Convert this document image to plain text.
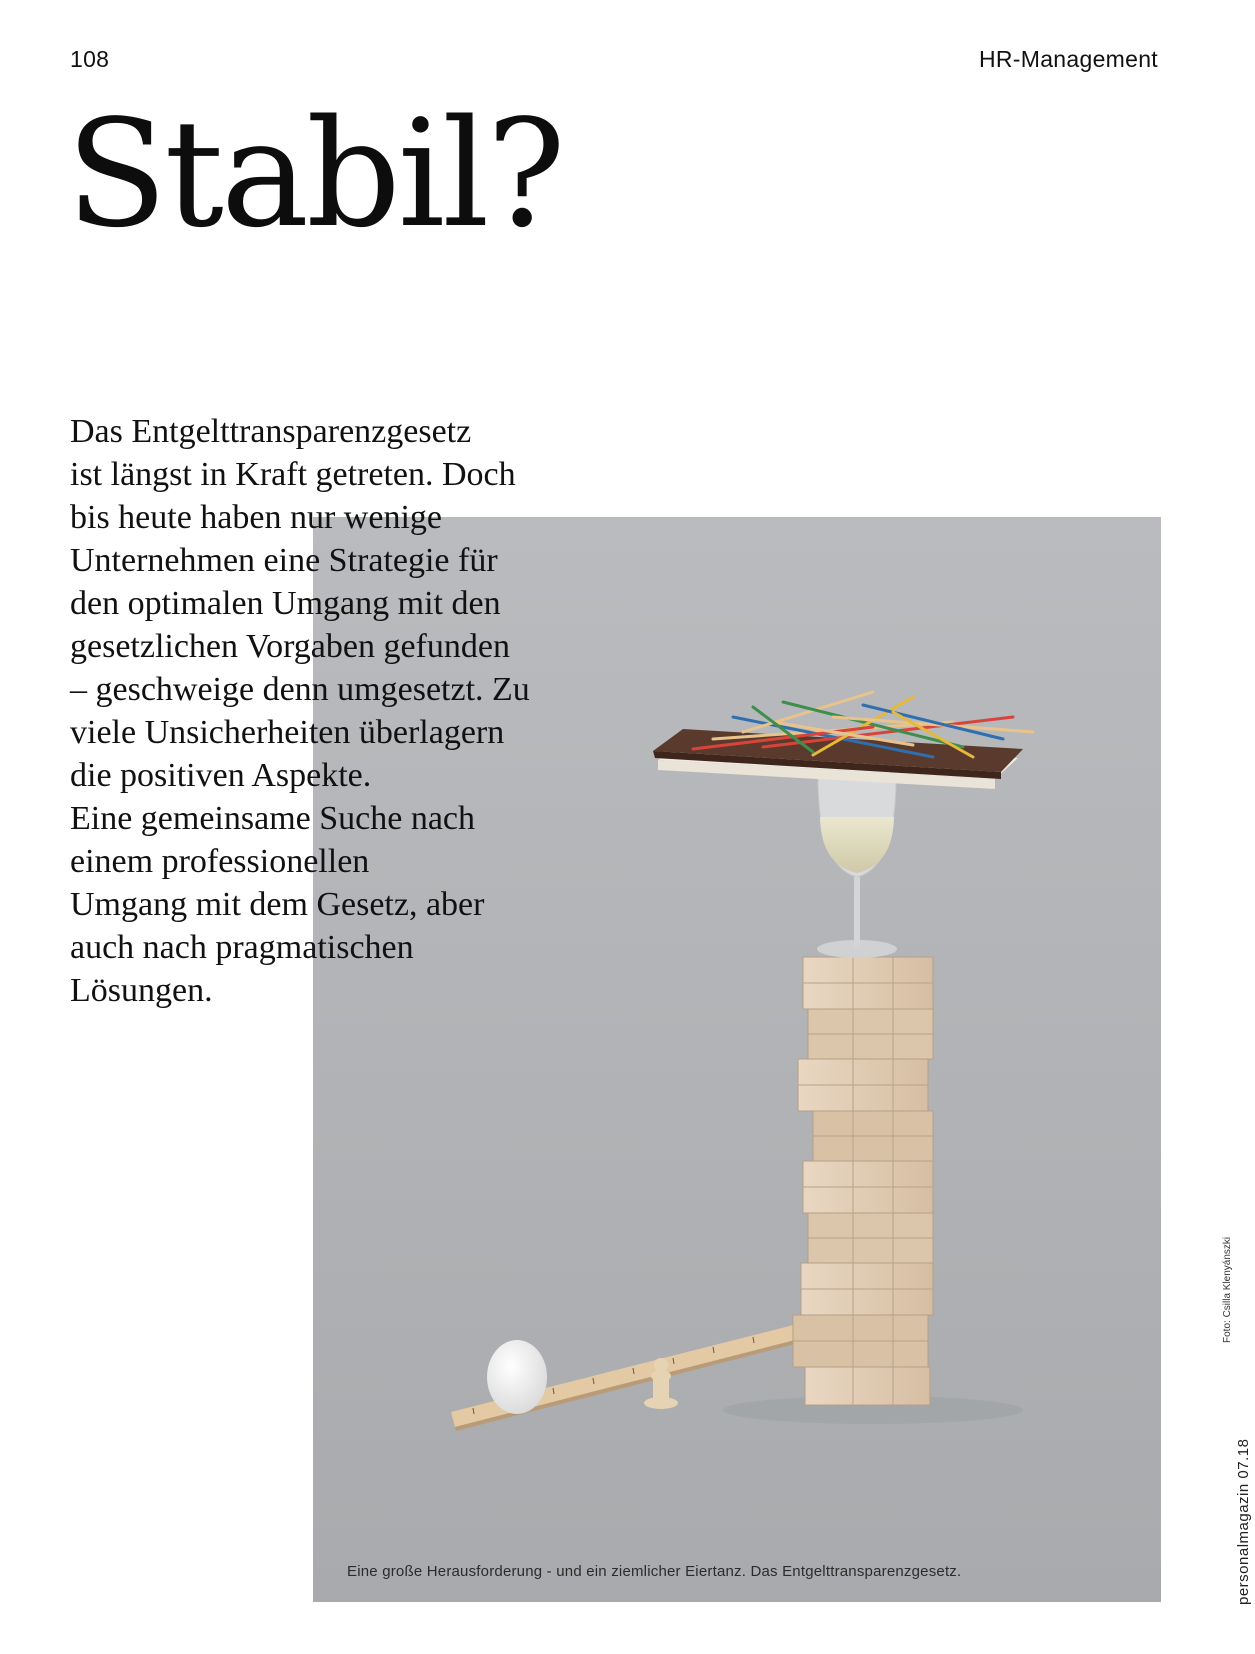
108	HR-Management
Stabil?
Eine große Herausforderung - und ein ziemlicher Eiertanz. Das Entgelttransparenzgesetz.
Das Entgelttransparenzgesetz
ist längst in Kraft getreten. Doch
bis heute haben nur wenige
Unternehmen eine Strategie für
den optimalen Umgang mit den
gesetzlichen Vorgaben gefunden
– geschweige denn umgesetzt. Zu
viele Unsicherheiten überlagern
die positiven Aspekte.
Eine gemeinsame Suche nach
einem professionellen
Umgang mit dem Gesetz, aber
auch nach pragmatischen
Lösungen.
Foto: Csilla Klenyánszki
personalmagazin 07.18
